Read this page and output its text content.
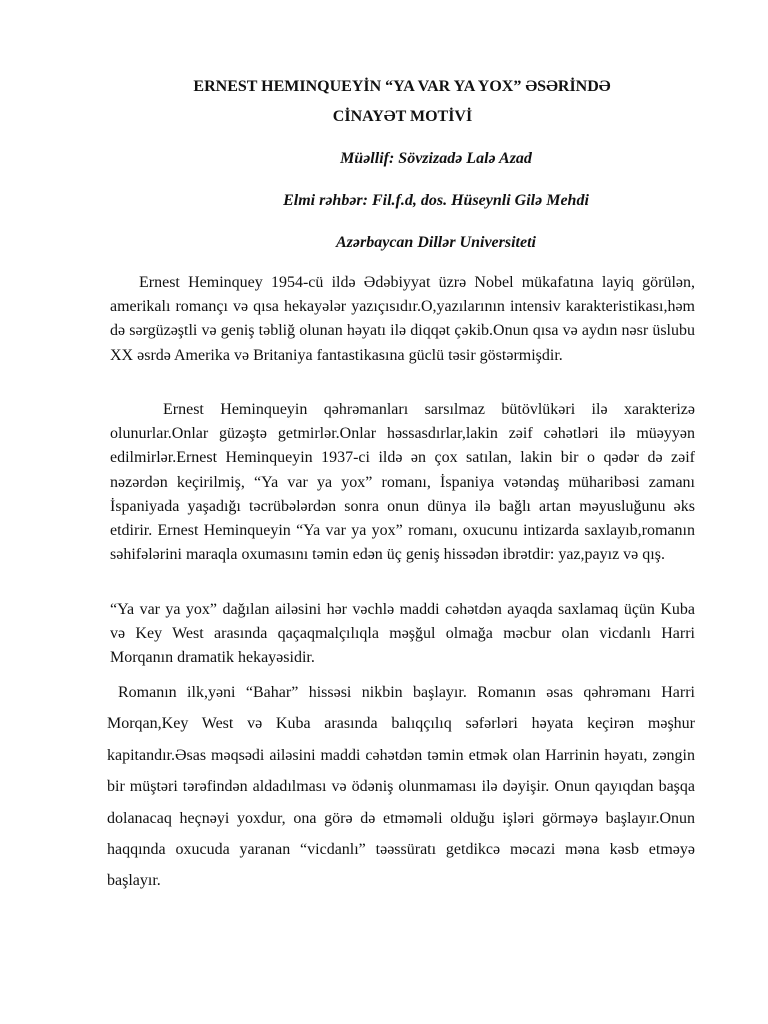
ERNEST HEMINQUEYİN “YA VAR YA YOX” ƏSƏRİNDƏ
CİNAYƏT MOTİVİ

Müəllif: Sövzizadə Lalə Azad

Elmi rəhbər: Fil.f.d, dos. Hüseynli Gilə Mehdi

Azərbaycan Dillər Universiteti

Ernest Heminquey 1954-cü ildə Ədəbiyyat üzrə Nobel mükafatına layiq görülən, amerikalı romançı və qısa hekayələr yazıçısıdır.O,yazılarının intensiv karakteristikası,həm də sərgüzəştli və geniş təbliğ olunan həyatı ilə diqqət çəkib.Onun qısa və aydın nəsr üslubu XX əsrdə Amerika və Britaniya fantastikasına güclü təsir göstərmişdir.

Ernest Heminqueyin qəhrəmanları sarsılmaz bütövlükəri ilə xarakterizə olunurlar.Onlar güzəştə getmirlər.Onlar həssasdırlar,lakin zəif cəhətləri ilə müəyyən edilmirlər.Ernest Heminqueyin 1937-ci ildə ən çox satılan, lakin bir o qədər də zəif nəzərdən keçirilmiş, “Ya var ya yox” romanı, İspaniya vətəndaş müharibəsi zamanı İspaniyada yaşadığı təcrübələrdən sonra onun dünya ilə bağlı artan məyusluğunu əks etdirir. Ernest Heminqueyin “Ya var ya yox” romanı, oxucunu intizarda saxlayıb,romanın səhifələrini maraqla oxumasını təmin edən üç geniş hissədən ibrətdir: yaz,payız və qış.

“Ya var ya yox” dağılan ailəsini hər vəchlə maddi cəhətdən ayaqda saxlamaq üçün Kuba və Key West arasında qaçaqmalçılıqla məşğul olmağa məcbur olan vicdanlı Harri Morqanın dramatik hekayəsidir.

Romanın ilk,yəni “Bahar” hissəsi nikbin başlayır. Romanın əsas qəhrəmanı Harri Morqan,Key West və Kuba arasında balıqçılıq səfərləri həyata keçirən məşhur kapitandır.Əsas məqsədi ailəsini maddi cəhətdən təmin etmək olan Harrinin həyatı, zəngin bir müştəri tərəfindən aldadılması və ödəniş olunmaması ilə dəyişir. Onun qayıqdan başqa dolanacaq heçnəyi yoxdur, ona görə də etməməli olduğu işləri görməyə başlayır.Onun haqqında oxucuda yaranan “vicdanlı” təəssüratı getdikcə məcazi məna kəsb etməyə başlayır.
